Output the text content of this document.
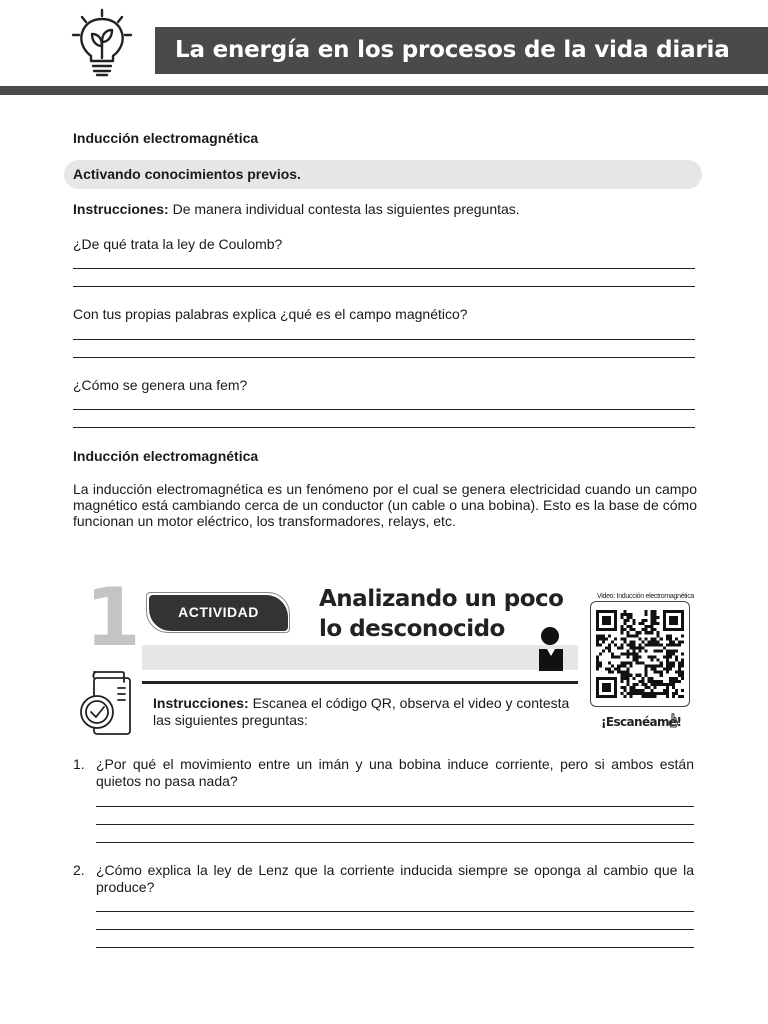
La energía en los procesos de la vida diaria
Inducción electromagnética
Activando conocimientos previos.
Instrucciones: De manera individual contesta las siguientes preguntas.
¿De qué trata la ley de Coulomb?
Con tus propias palabras explica ¿qué es el campo magnético?
¿Cómo se genera una fem?
Inducción electromagnética
La inducción electromagnética es un fenómeno por el cual se genera electricidad cuando un campo magnético está cambiando cerca de un conductor (un cable o una bobina). Esto es la base de cómo funcionan un motor eléctrico, los transformadores, relays, etc.
1	ACTIVIDAD	Analizando un poco
lo desconocido
Video: Inducción electromagnética
¡Escanéame!
Instrucciones: Escanea el código QR, observa el video y contesta las siguientes preguntas:
1. ¿Por qué el movimiento entre un imán y una bobina induce corriente, pero si ambos están quietos no pasa nada?
2. ¿Cómo explica la ley de Lenz que la corriente inducida siempre se oponga al cambio que la produce?
